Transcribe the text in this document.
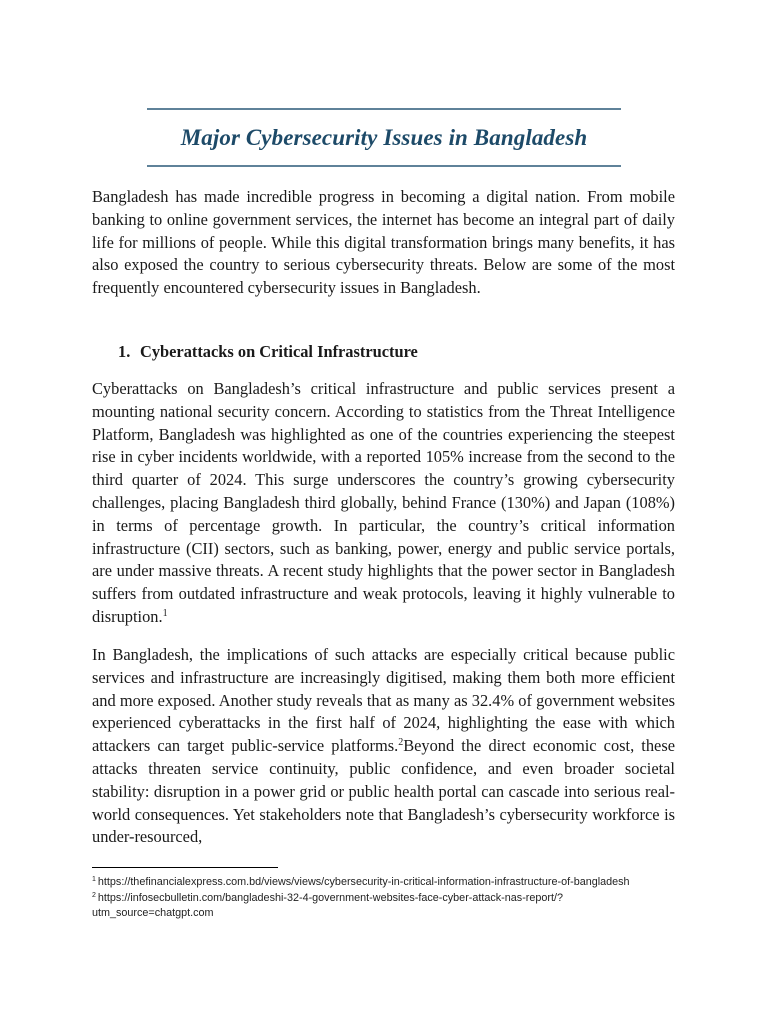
Major Cybersecurity Issues in Bangladesh

Bangladesh has made incredible progress in becoming a digital nation. From mobile banking to online government services, the internet has become an integral part of daily life for millions of people. While this digital transformation brings many benefits, it has also exposed the country to serious cybersecurity threats. Below are some of the most frequently encountered cybersecurity issues in Bangladesh.

1. Cyberattacks on Critical Infrastructure

Cyberattacks on Bangladesh’s critical infrastructure and public services present a mounting national security concern. According to statistics from the Threat Intelligence Platform, Bangladesh was highlighted as one of the countries experiencing the steepest rise in cyber incidents worldwide, with a reported 105% increase from the second to the third quarter of 2024. This surge underscores the country’s growing cybersecurity challenges, placing Bangladesh third globally, behind France (130%) and Japan (108%) in terms of percentage growth. In particular, the country’s critical information infrastructure (CII) sectors, such as banking, power, energy and public service portals, are under massive threats. A recent study highlights that the power sector in Bangladesh suffers from outdated infrastructure and weak protocols, leaving it highly vulnerable to disruption.$^1$

In Bangladesh, the implications of such attacks are especially critical because public services and infrastructure are increasingly digitised, making them both more efficient and more exposed. Another study reveals that as many as 32.4% of government websites experienced cyberattacks in the first half of 2024, highlighting the ease with which attackers can target public-service platforms.$^2$Beyond the direct economic cost, these attacks threaten service continuity, public confidence, and even broader societal stability: disruption in a power grid or public health portal can cascade into serious real-world consequences. Yet stakeholders note that Bangladesh’s cybersecurity workforce is under-resourced,

$^1$ https://thefinancialexpress.com.bd/views/views/cybersecurity-in-critical-information-infrastructure-of-bangladesh

$^2$ https://infosecbulletin.com/bangladeshi-32-4-government-websites-face-cyber-attack-nas-report/?utm_source=chatgpt.com
